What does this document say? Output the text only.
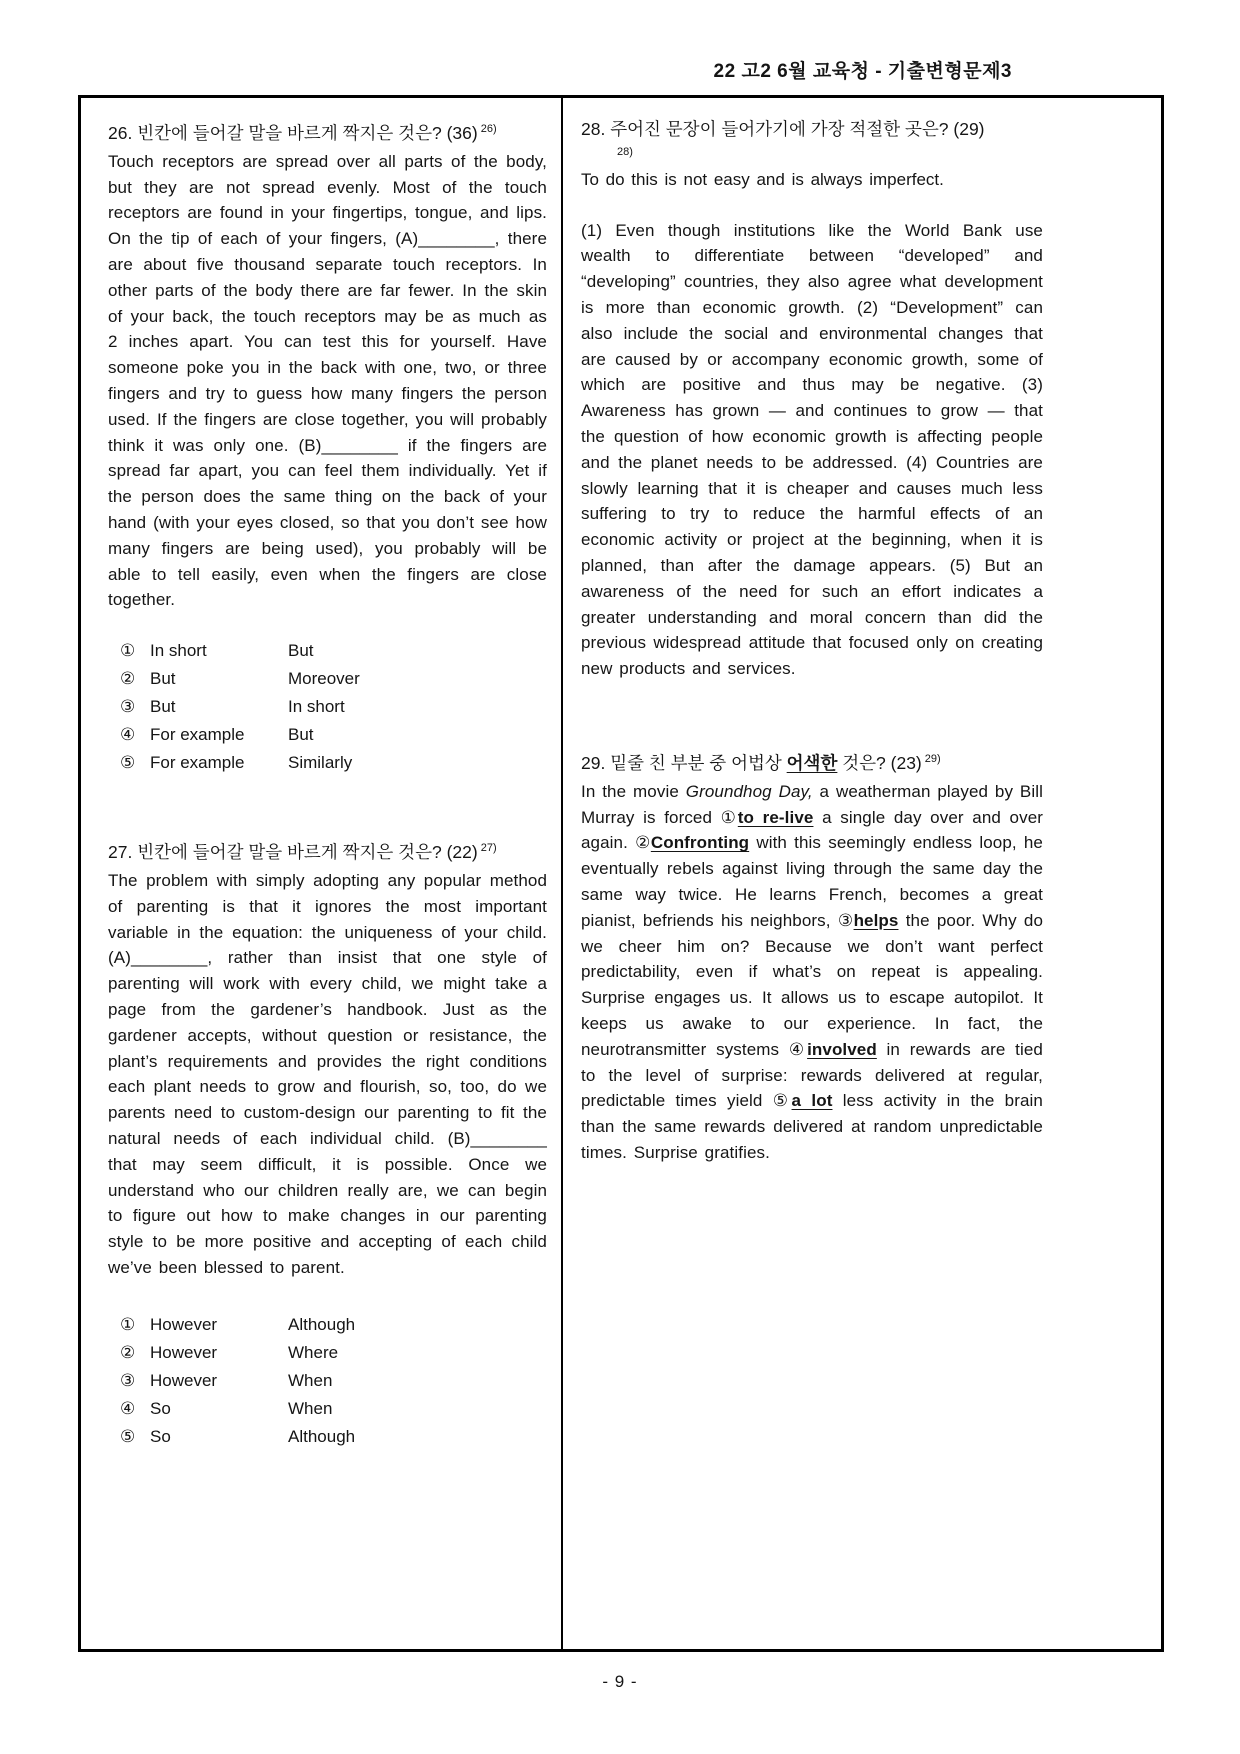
22 고2 6월 교육청 - 기출변형문제3
26. 빈칸에 들어갈 말을 바르게 짝지은 것은? (36) $^{26)}$
Touch receptors are spread over all parts of the body, but they are not spread evenly. Most of the touch receptors are found in your fingertips, tongue, and lips. On the tip of each of your fingers, (A)________, there are about five thousand separate touch receptors. In other parts of the body there are far fewer. In the skin of your back, the touch receptors may be as much as 2 inches apart. You can test this for yourself. Have someone poke you in the back with one, two, or three fingers and try to guess how many fingers the person used. If the fingers are close together, you will probably think it was only one. (B)________ if the fingers are spread far apart, you can feel them individually. Yet if the person does the same thing on the back of your hand (with your eyes closed, so that you don’t see how many fingers are being used), you probably will be able to tell easily, even when the fingers are close together.
① In short	But
② But	Moreover
③ But	In short
④ For example	But
⑤ For example	Similarly
27. 빈칸에 들어갈 말을 바르게 짝지은 것은? (22) $^{27)}$
The problem with simply adopting any popular method of parenting is that it ignores the most important variable in the equation: the uniqueness of your child. (A)________, rather than insist that one style of parenting will work with every child, we might take a page from the gardener’s handbook. Just as the gardener accepts, without question or resistance, the plant’s requirements and provides the right conditions each plant needs to grow and flourish, so, too, do we parents need to custom-design our parenting to fit the natural needs of each individual child. (B)________ that may seem difficult, it is possible. Once we understand who our children really are, we can begin to figure out how to make changes in our parenting style to be more positive and accepting of each child we’ve been blessed to parent.
① However	Although
② However	Where
③ However	When
④ So	When
⑤ So	Although
28. 주어진 문장이 들어가기에 가장 적절한 곳은? (29)
$^{28)}$
To do this is not easy and is always imperfect.
(1) Even though institutions like the World Bank use wealth to differentiate between “developed” and “developing” countries, they also agree what development is more than economic growth. (2) “Development” can also include the social and environmental changes that are caused by or accompany economic growth, some of which are positive and thus may be negative. (3) Awareness has grown — and continues to grow — that the question of how economic growth is affecting people and the planet needs to be addressed. (4) Countries are slowly learning that it is cheaper and causes much less suffering to try to reduce the harmful effects of an economic activity or project at the beginning, when it is planned, than after the damage appears. (5) But an awareness of the need for such an effort indicates a greater understanding and moral concern than did the previous widespread attitude that focused only on creating new products and services.
29. 밑줄 친 부분 중 어법상 어색한 것은? (23) $^{29)}$
In the movie Groundhog Day, a weatherman played by Bill Murray is forced ①to re-live a single day over and over again. ②Confronting with this seemingly endless loop, he eventually rebels against living through the same day the same way twice. He learns French, becomes a great pianist, befriends his neighbors, ③helps the poor. Why do we cheer him on? Because we don’t want perfect predictability, even if what’s on repeat is appealing. Surprise engages us. It allows us to escape autopilot. It keeps us awake to our experience. In fact, the neurotransmitter systems ④involved in rewards are tied to the level of surprise: rewards delivered at regular, predictable times yield ⑤a lot less activity in the brain than the same rewards delivered at random unpredictable times. Surprise gratifies.
- 9 -
